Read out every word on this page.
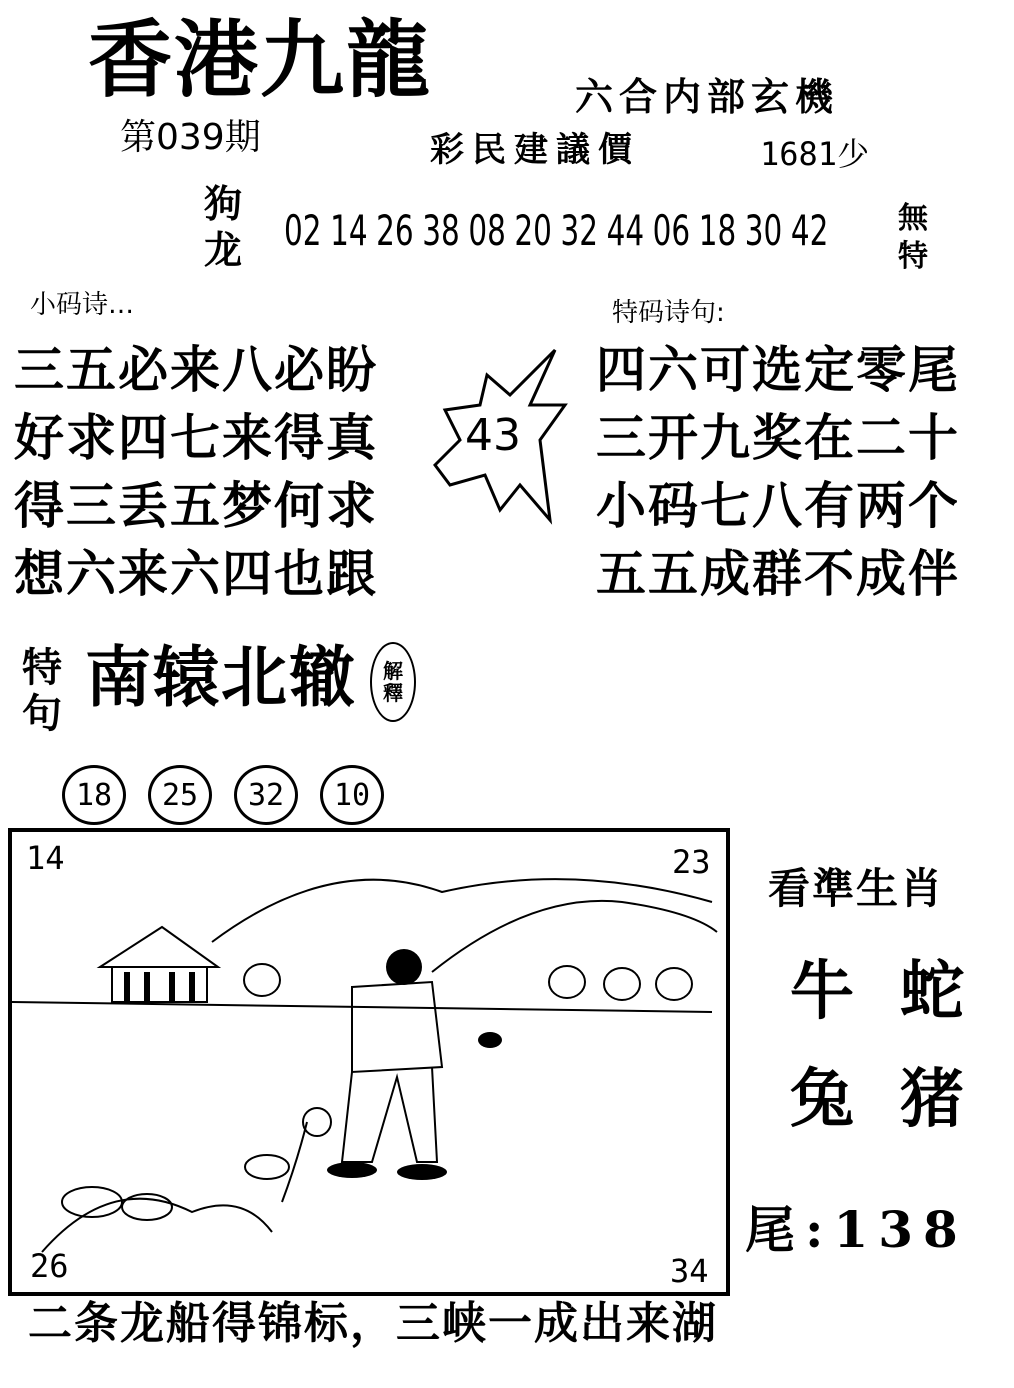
香港九龍	六合内部玄機
第039期	彩民建議價	1681少
狗
龙 02 14 26 38 08 20 32 44 06 18 30 42 無
特
小码诗…
三五必来八必盼
好求四七来得真
得三丢五梦何求
想六来六四也跟
43
特码诗句:
四六可选定零尾
三开九奖在二十
小码七八有两个
五五成群不成伴
特
句 南辕北辙 解
釋
18	25	32	10
14	23
26	34
看準生肖
牛 蛇
兔 猪
尾:138
二条龙船得锦标，三峡一成出来湖
